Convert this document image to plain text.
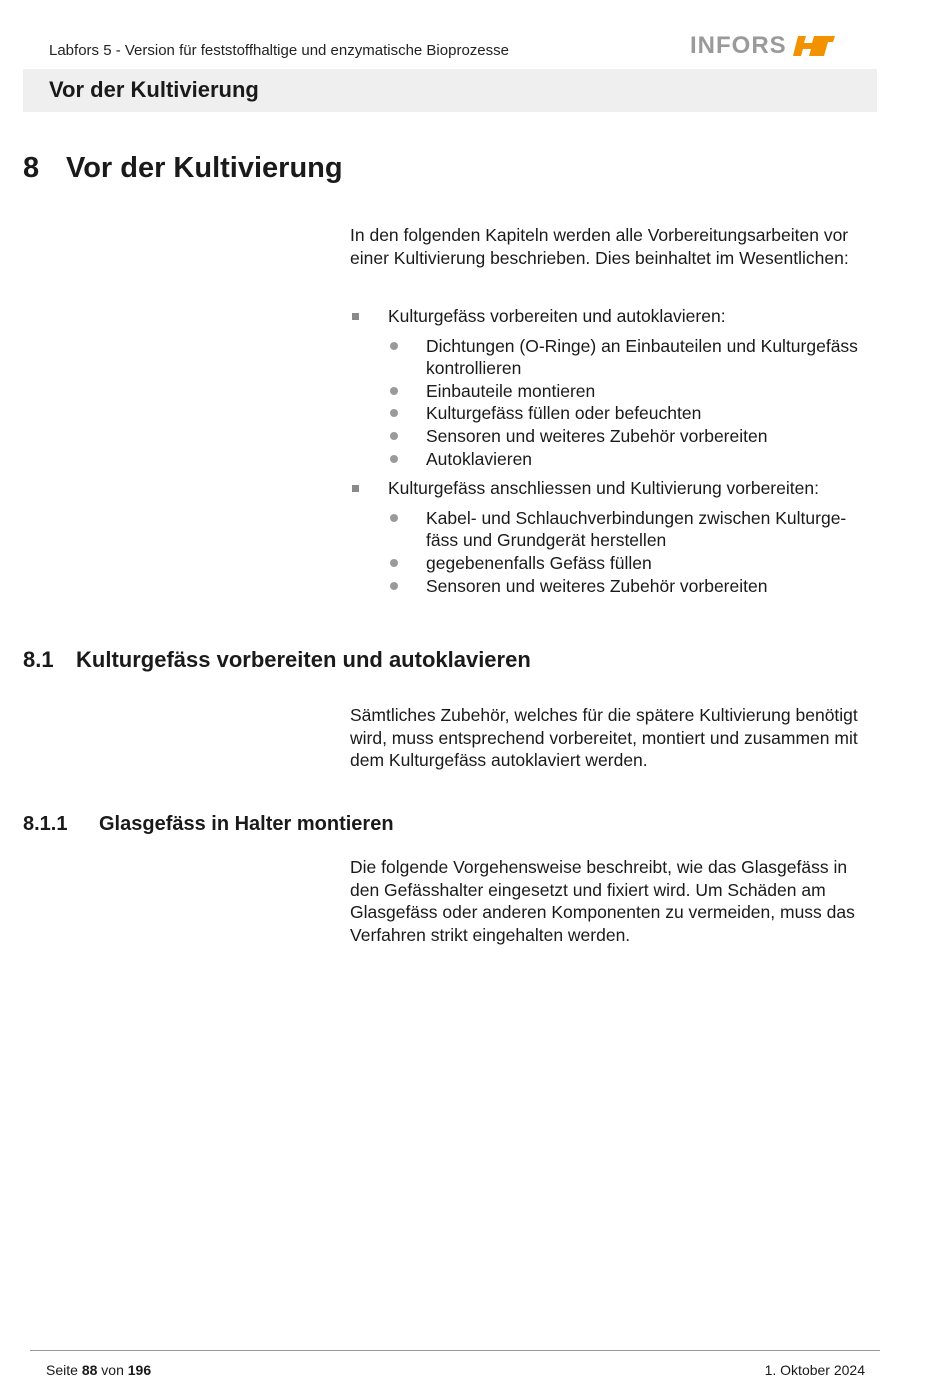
Labfors 5 - Version für feststoffhaltige und enzymatische Bioprozesse	INFORS
Vor der Kultivierung
8 Vor der Kultivierung
In den folgenden Kapiteln werden alle Vorbereitungsarbeiten vor einer Kultivierung beschrieben. Dies beinhaltet im Wesentlichen:
Kulturgefäss vorbereiten und autoklavieren:
Dichtungen (O-Ringe) an Einbauteilen und Kulturgefäss kontrollieren
Einbauteile montieren
Kulturgefäss füllen oder befeuchten
Sensoren und weiteres Zubehör vorbereiten
Autoklavieren
Kulturgefäss anschliessen und Kultivierung vorbereiten:
Kabel- und Schlauchverbindungen zwischen Kulturge-fäss und Grundgerät herstellen
gegebenenfalls Gefäss füllen
Sensoren und weiteres Zubehör vorbereiten
8.1 Kulturgefäss vorbereiten und autoklavieren
Sämtliches Zubehör, welches für die spätere Kultivierung benötigt wird, muss entsprechend vorbereitet, montiert und zusammen mit dem Kulturgefäss autoklaviert werden.
8.1.1 Glasgefäss in Halter montieren
Die folgende Vorgehensweise beschreibt, wie das Glasgefäss in den Gefässhalter eingesetzt und fixiert wird. Um Schäden am Glasgefäss oder anderen Komponenten zu vermeiden, muss das Verfahren strikt eingehalten werden.
Seite 88 von 196	1. Oktober 2024
